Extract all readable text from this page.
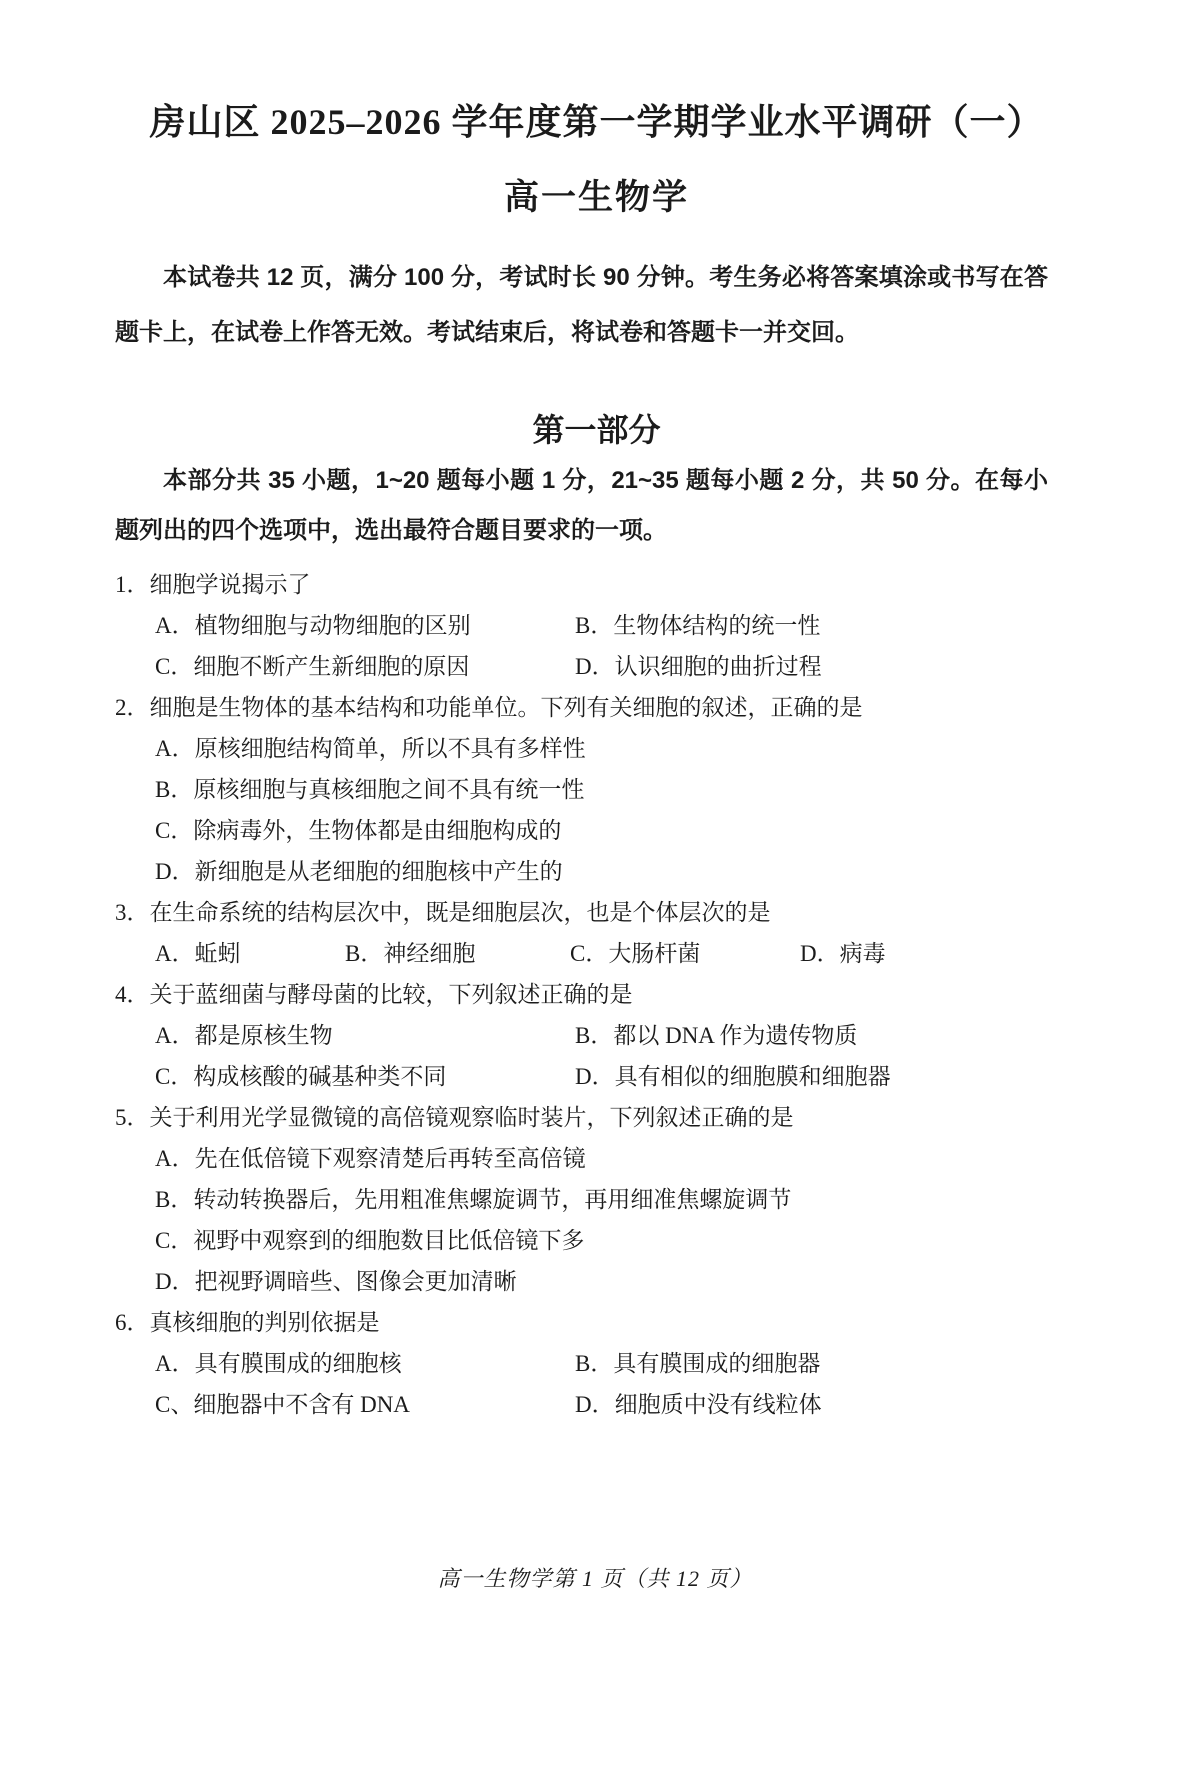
房山区 2025–2026 学年度第一学期学业水平调研（一）
高一生物学

本试卷共 12 页，满分 100 分，考试时长 90 分钟。考生务必将答案填涂或书写在答题卡上，在试卷上作答无效。考试结束后，将试卷和答题卡一并交回。

第一部分

本部分共 35 小题，1~20 题每小题 1 分，21~35 题每小题 2 分，共 50 分。在每小题列出的四个选项中，选出最符合题目要求的一项。

1．细胞学说揭示了
A．植物细胞与动物细胞的区别	B．生物体结构的统一性
C．细胞不断产生新细胞的原因	D．认识细胞的曲折过程
2．细胞是生物体的基本结构和功能单位。下列有关细胞的叙述，正确的是
A．原核细胞结构简单，所以不具有多样性
B．原核细胞与真核细胞之间不具有统一性
C．除病毒外，生物体都是由细胞构成的
D．新细胞是从老细胞的细胞核中产生的
3．在生命系统的结构层次中，既是细胞层次，也是个体层次的是
A．蚯蚓	B．神经细胞	C．大肠杆菌	D．病毒
4．关于蓝细菌与酵母菌的比较，下列叙述正确的是
A．都是原核生物	B．都以 DNA 作为遗传物质
C．构成核酸的碱基种类不同	D．具有相似的细胞膜和细胞器
5．关于利用光学显微镜的高倍镜观察临时装片，下列叙述正确的是
A．先在低倍镜下观察清楚后再转至高倍镜
B．转动转换器后，先用粗准焦螺旋调节，再用细准焦螺旋调节
C．视野中观察到的细胞数目比低倍镜下多
D．把视野调暗些、图像会更加清晰
6．真核细胞的判别依据是
A．具有膜围成的细胞核	B．具有膜围成的细胞器
C、细胞器中不含有 DNA	D．细胞质中没有线粒体
高一生物学第 1 页（共 12 页）
